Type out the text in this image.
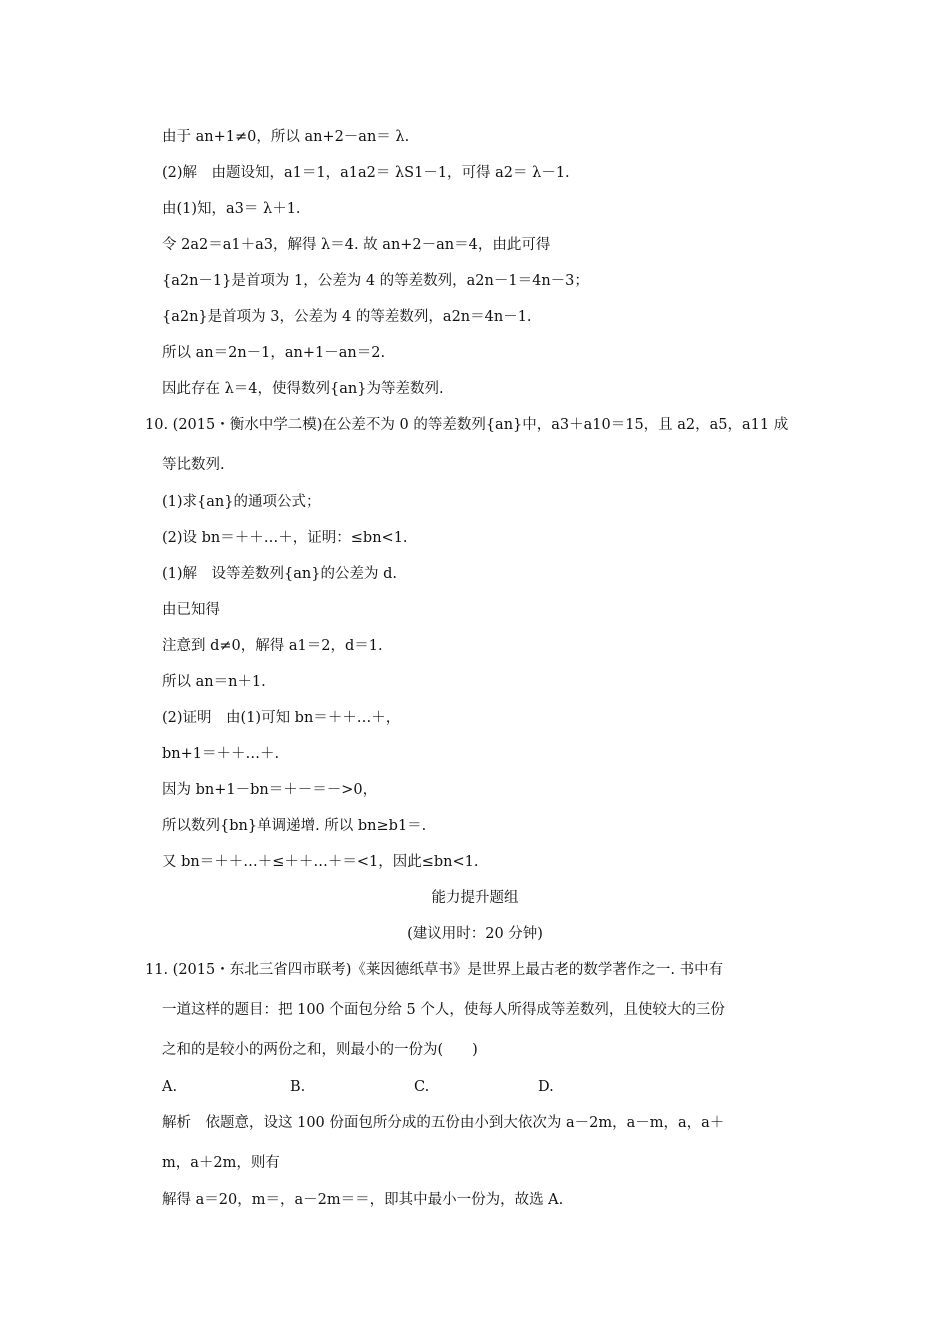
由于 an+1≠0，所以 an+2－an＝ λ.
(2)解　由题设知，a1＝1，a1a2＝ λS1－1，可得 a2＝ λ－1.
由(1)知，a3＝ λ＋1.
令 2a2＝a1＋a3，解得 λ＝4. 故 an+2－an＝4，由此可得
{a2n－1}是首项为 1，公差为 4 的等差数列，a2n－1＝4n－3；
{a2n}是首项为 3，公差为 4 的等差数列，a2n＝4n－1.
所以 an＝2n－1，an+1－an＝2.
因此存在 λ＝4，使得数列{an}为等差数列.
10. (2015・衡水中学二模)在公差不为 0 的等差数列{an}中，a3＋a10＝15，且 a2，a5，a11 成
等比数列.
(1)求{an}的通项公式；
(2)设 bn＝＋＋…＋，证明：≤bn<1.
(1)解　设等差数列{an}的公差为 d.
由已知得
注意到 d≠0，解得 a1＝2，d＝1.
所以 an＝n＋1.
(2)证明　由(1)可知 bn＝＋＋…＋，
bn+1＝＋＋…＋.
因为 bn+1－bn＝＋－＝－>0，
所以数列{bn}单调递增. 所以 bn≥b1＝.
又 bn＝＋＋…＋≤＋＋…＋＝<1，因此≤bn<1.
能力提升题组
(建议用时：20 分钟)
11. (2015・东北三省四市联考)《莱因德纸草书》是世界上最古老的数学著作之一. 书中有
一道这样的题目：把 100 个面包分给 5 个人，使每人所得成等差数列，且使较大的三份
之和的是较小的两份之和，则最小的一份为(　　)
A.	B.	C.	D.
解析　依题意，设这 100 份面包所分成的五份由小到大依次为 a－2m，a－m，a，a＋
m，a＋2m，则有
解得 a＝20，m＝，a－2m＝＝，即其中最小一份为，故选 A.
